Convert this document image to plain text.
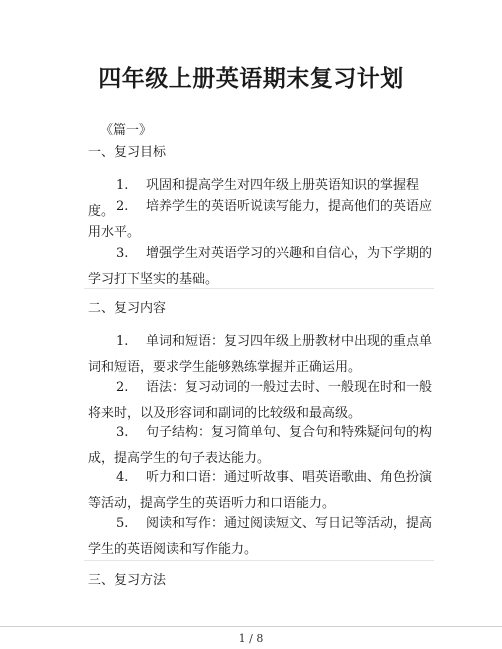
四年级上册英语期末复习计划
《篇一》
一、复习目标
1. 巩固和提高学生对四年级上册英语知识的掌握程度。 2. 培养学生的英语听说读写能力，提高他们的英语应用水平。
3. 增强学生对英语学习的兴趣和自信心，为下学期的学习打下坚实的基础。
二、复习内容
1. 单词和短语：复习四年级上册教材中出现的重点单词和短语，要求学生能够熟练掌握并正确运用。
2. 语法：复习动词的一般过去时、一般现在时和一般将来时，以及形容词和副词的比较级和最高级。
3. 句子结构：复习简单句、复合句和特殊疑问句的构成，提高学生的句子表达能力。
4. 听力和口语：通过听故事、唱英语歌曲、角色扮演等活动，提高学生的英语听力和口语能力。
5. 阅读和写作：通过阅读短文、写日记等活动，提高学生的英语阅读和写作能力。
三、复习方法
1 / 8
